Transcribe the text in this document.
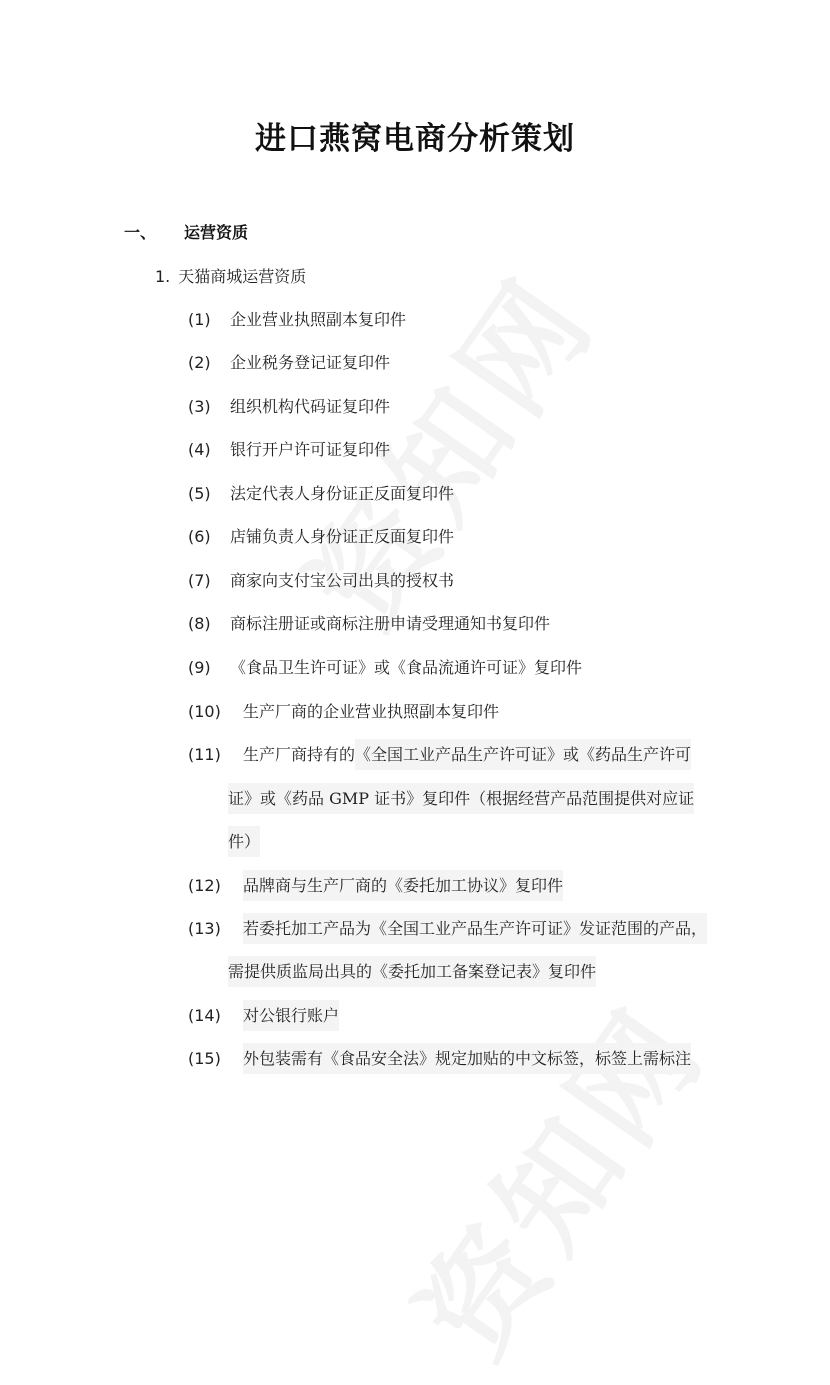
进口燕窝电商分析策划
一、 运营资质
1. 天猫商城运营资质
(1) 企业营业执照副本复印件
(2) 企业税务登记证复印件
(3) 组织机构代码证复印件
(4) 银行开户许可证复印件
(5) 法定代表人身份证正反面复印件
(6) 店铺负责人身份证正反面复印件
(7) 商家向支付宝公司出具的授权书
(8) 商标注册证或商标注册申请受理通知书复印件
(9) 《食品卫生许可证》或《食品流通许可证》复印件
(10) 生产厂商的企业营业执照副本复印件
(11) 生产厂商持有的《全国工业产品生产许可证》或《药品生产许可
证》或《药品 GMP 证书》复印件（根据经营产品范围提供对应证
件）
(12) 品牌商与生产厂商的《委托加工协议》复印件
(13) 若委托加工产品为《全国工业产品生产许可证》发证范围的产品，
需提供质监局出具的《委托加工备案登记表》复印件
(14) 对公银行账户
(15) 外包装需有《食品安全法》规定加贴的中文标签，标签上需标注
